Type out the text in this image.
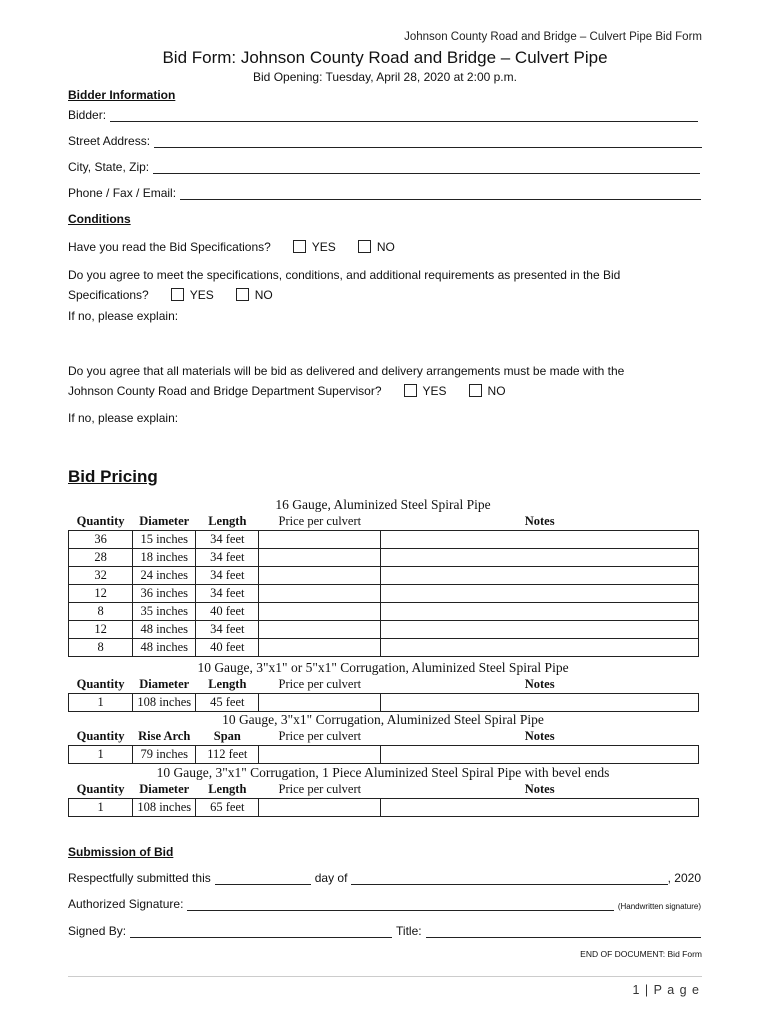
Johnson County Road and Bridge – Culvert Pipe Bid Form
Bid Form: Johnson County Road and Bridge – Culvert Pipe
Bid Opening: Tuesday, April 28, 2020 at 2:00 p.m.
Bidder Information
Bidder:
Street Address:
City, State, Zip:
Phone / Fax / Email:
Conditions
Have you read the Bid Specifications?	YES	NO
Do you agree to meet the specifications, conditions, and additional requirements as presented in the Bid
Specifications?	YES	NO
If no, please explain:
Do you agree that all materials will be bid as delivered and delivery arrangements must be made with the
Johnson County Road and Bridge Department Supervisor?	YES	NO
If no, please explain:
Bid Pricing
16 Gauge, Aluminized Steel Spiral Pipe
Quantity	Diameter	Length	Price per culvert	Notes
36	15 inches	34 feet		
28	18 inches	34 feet		
32	24 inches	34 feet		
12	36 inches	34 feet		
8	35 inches	40 feet		
12	48 inches	34 feet		
8	48 inches	40 feet		
10 Gauge, 3"x1" or 5"x1" Corrugation, Aluminized Steel Spiral Pipe
Quantity	Diameter	Length	Price per culvert	Notes
1	108 inches	45 feet		
10 Gauge, 3"x1" Corrugation, Aluminized Steel Spiral Pipe
Quantity	Rise Arch	Span	Price per culvert	Notes
1	79 inches	112 feet		
10 Gauge, 3"x1" Corrugation, 1 Piece Aluminized Steel Spiral Pipe with bevel ends
Quantity	Diameter	Length	Price per culvert	Notes
1	108 inches	65 feet		
Submission of Bid
Respectfully submitted this	day of	, 2020
Authorized Signature:	(Handwritten signature)
Signed By:	Title:
END OF DOCUMENT: Bid Form
1 | P a g e
